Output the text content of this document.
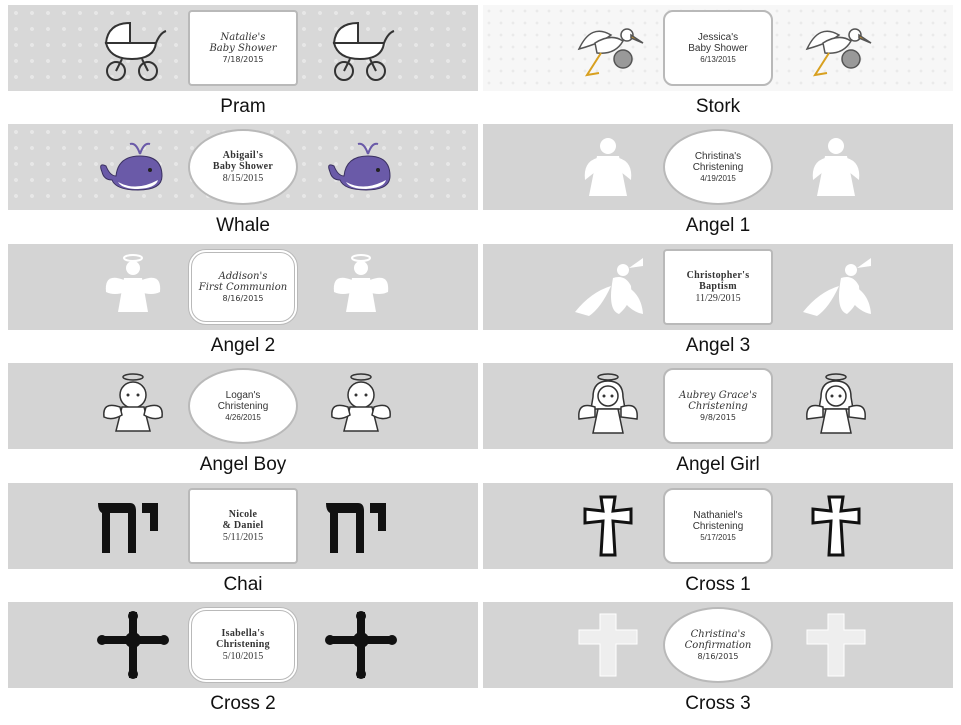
Natalie's
Baby Shower
7/18/2015
Pram
Jessica's
Baby Shower
6/13/2015
Stork
Abigail's
Baby Shower
8/15/2015
Whale
Christina's
Christening
4/19/2015
Angel 1
Addison's
First Communion
8/16/2015
Angel 2
Christopher's
Baptism
11/29/2015
Angel 3
Logan's
Christening
4/26/2015
Angel Boy
Aubrey Grace's
Christening
9/8/2015
Angel Girl
Nicole
& Daniel
5/11/2015
Chai
Nathaniel's
Christening
5/17/2015
Cross 1
Isabella's
Christening
5/10/2015
Cross 2
Christina's
Confirmation
8/16/2015
Cross 3
